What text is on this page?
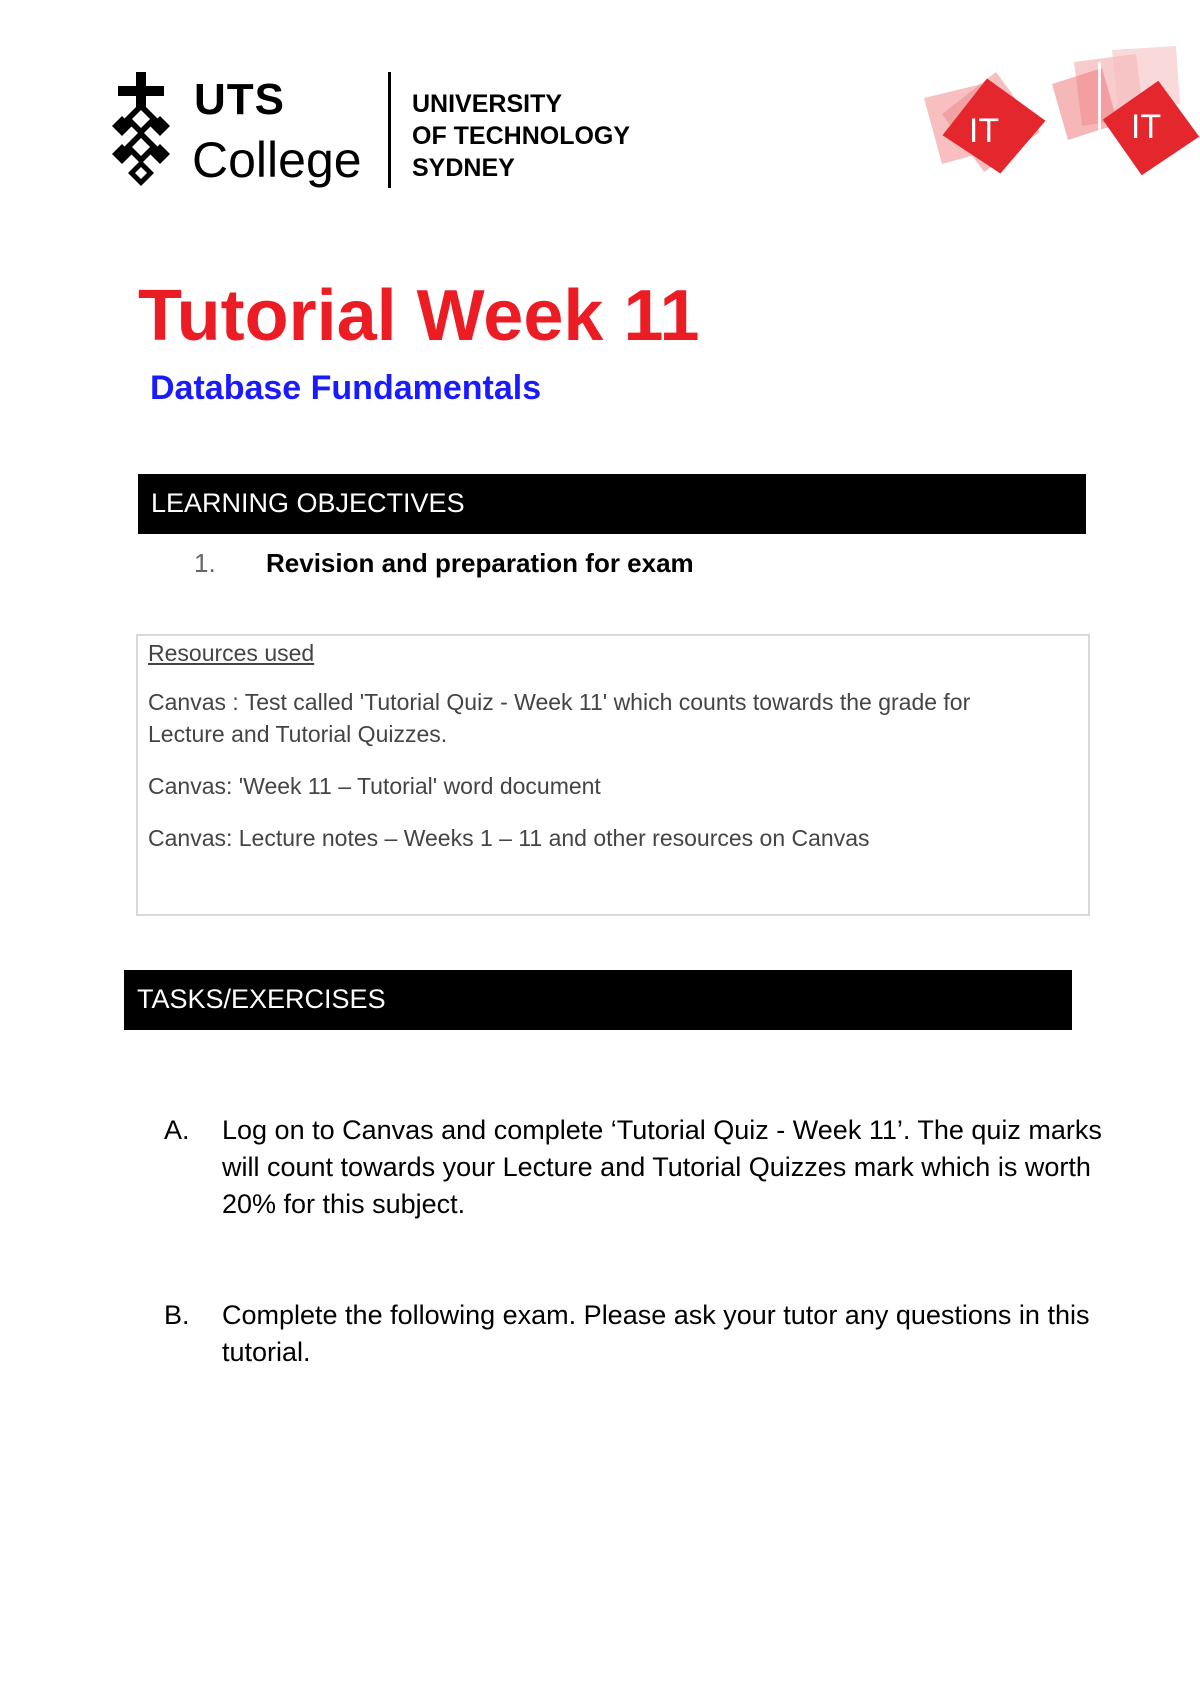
UTS
College
UNIVERSITY
OF TECHNOLOGY
SYDNEY
IT	IT
Tutorial Week 11
Database Fundamentals
LEARNING OBJECTIVES
1. Revision and preparation for exam
Resources used
Canvas : Test called 'Tutorial Quiz - Week 11' which counts towards the grade for Lecture and Tutorial Quizzes.
Canvas: 'Week 11 – Tutorial' word document
Canvas: Lecture notes – Weeks 1 – 11 and other resources on Canvas
TASKS/EXERCISES
A.	Log on to Canvas and complete ‘Tutorial Quiz - Week 11’. The quiz marks will count towards your Lecture and Tutorial Quizzes mark which is worth 20% for this subject.
B.	Complete the following exam. Please ask your tutor any questions in this tutorial.
